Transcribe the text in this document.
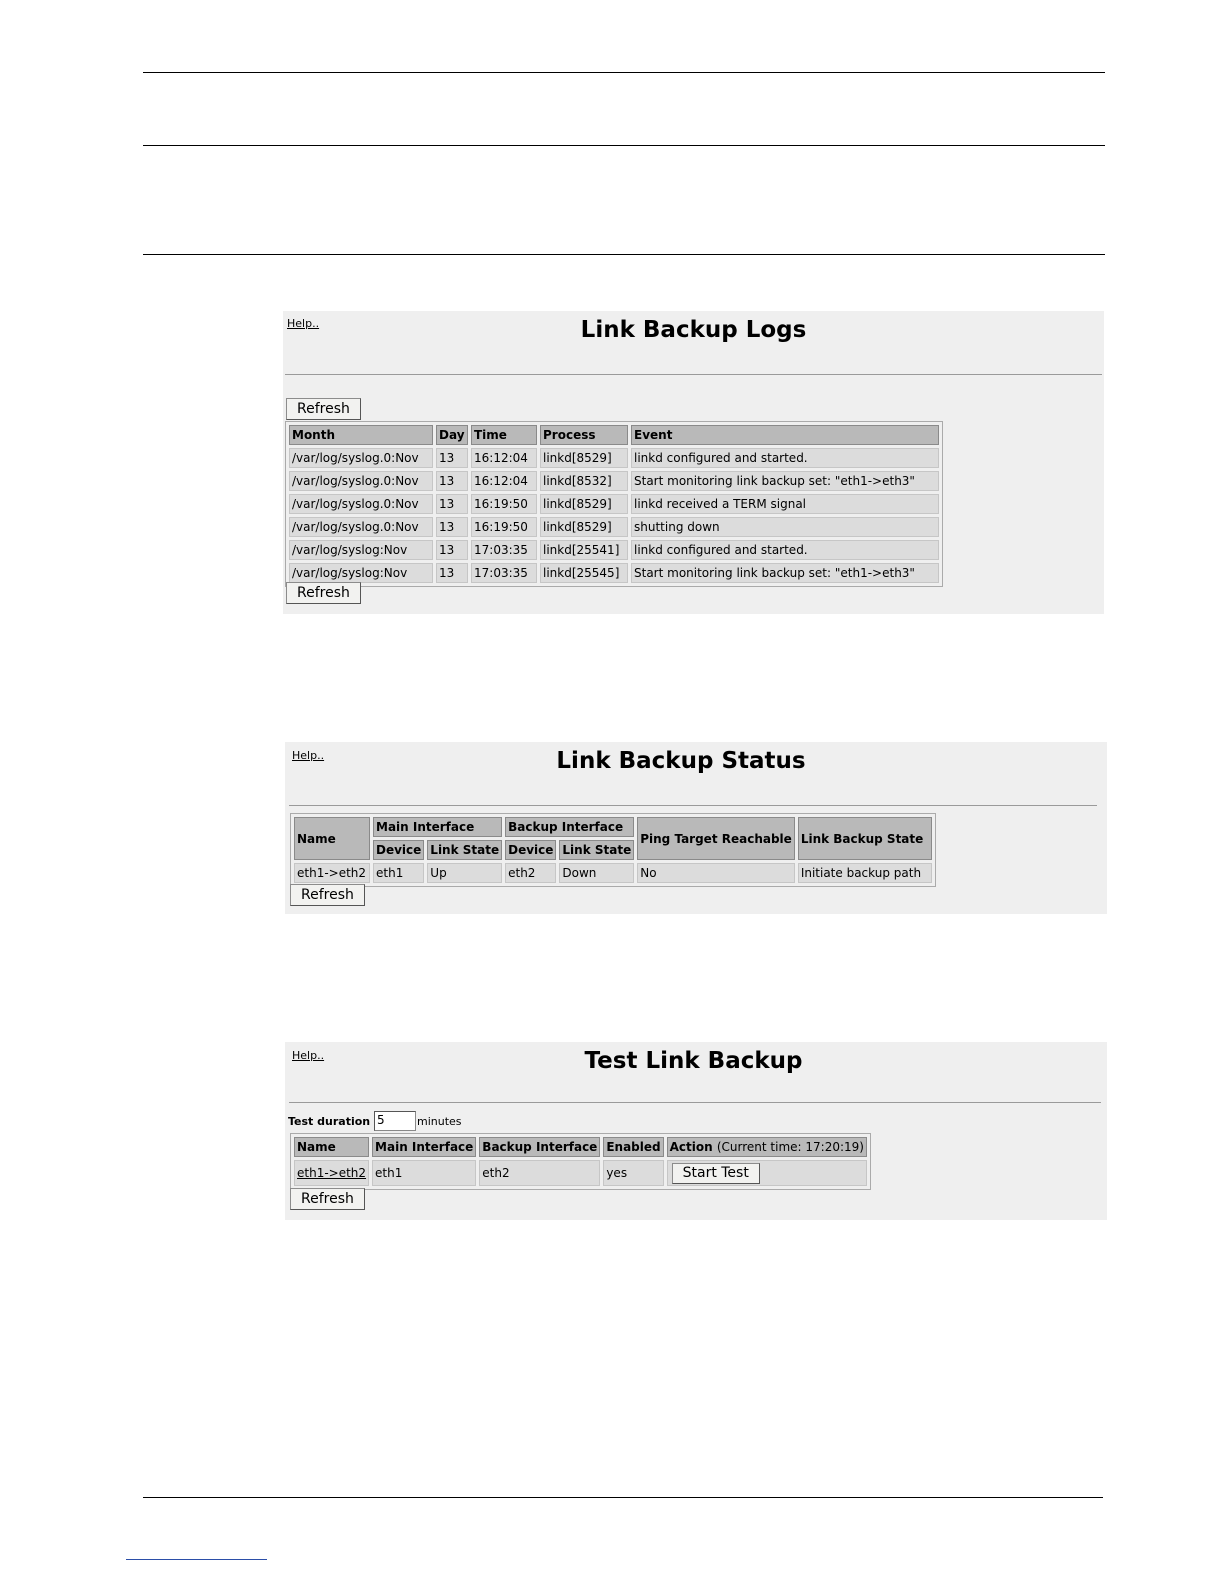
Help..	Link Backup Logs
Refresh
Month	Day	Time	Process	Event
/var/log/syslog.0:Nov	13	16:12:04	linkd[8529]	linkd configured and started.
/var/log/syslog.0:Nov	13	16:12:04	linkd[8532]	Start monitoring link backup set: "eth1->eth3"
/var/log/syslog.0:Nov	13	16:19:50	linkd[8529]	linkd received a TERM signal
/var/log/syslog.0:Nov	13	16:19:50	linkd[8529]	shutting down
/var/log/syslog:Nov	13	17:03:35	linkd[25541]	linkd configured and started.
/var/log/syslog:Nov	13	17:03:35	linkd[25545]	Start monitoring link backup set: "eth1->eth3"
Refresh
Help..	Link Backup Status
Name	Main Interface		Backup Interface		Ping Target Reachable	Link Backup State
	Device	Link State	Device	Link State		
eth1->eth2	eth1	Up	eth2	Down	No	Initiate backup path
Refresh
Help..	Test Link Backup
Test duration 5	minutes
Name	Main Interface	Backup Interface	Enabled	Action (Current time: 17:20:19)
eth1->eth2	eth1	eth2	yes	Start Test
Refresh
